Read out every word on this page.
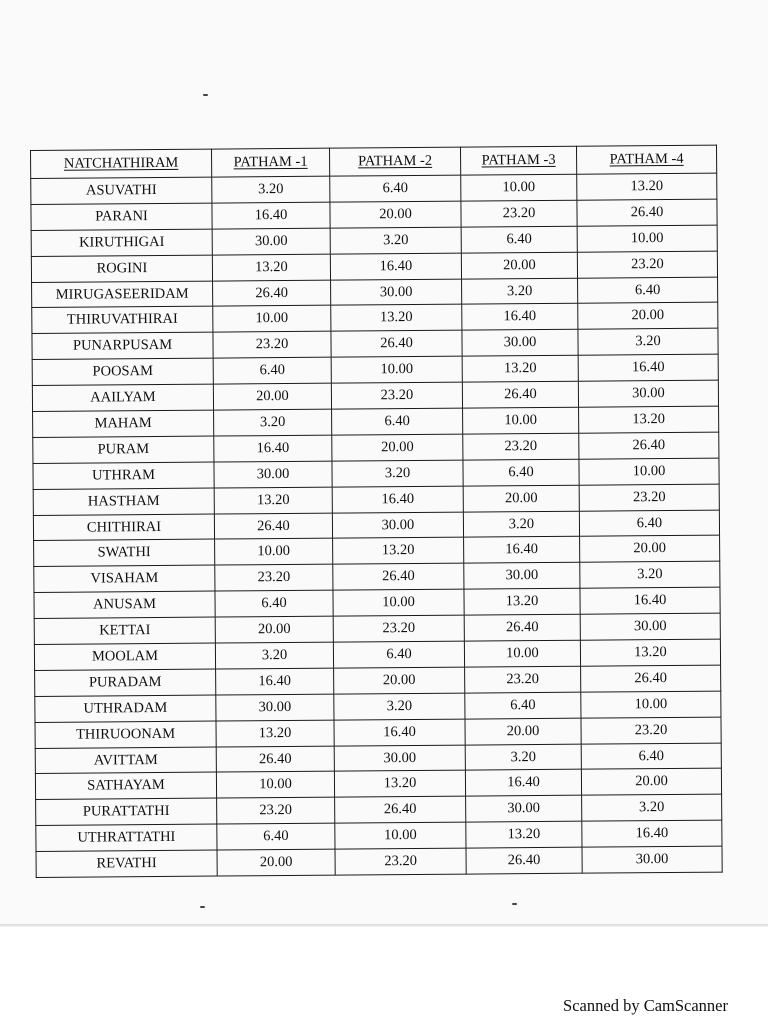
NATCHATHIRAM	PATHAM -1	PATHAM -2	PATHAM -3	PATHAM -4
ASUVATHI	3.20	6.40	10.00	13.20
PARANI	16.40	20.00	23.20	26.40
KIRUTHIGAI	30.00	3.20	6.40	10.00
ROGINI	13.20	16.40	20.00	23.20
MIRUGASEERIDAM	26.40	30.00	3.20	6.40
THIRUVATHIRAI	10.00	13.20	16.40	20.00
PUNARPUSAM	23.20	26.40	30.00	3.20
POOSAM	6.40	10.00	13.20	16.40
AAILYAM	20.00	23.20	26.40	30.00
MAHAM	3.20	6.40	10.00	13.20
PURAM	16.40	20.00	23.20	26.40
UTHRAM	30.00	3.20	6.40	10.00
HASTHAM	13.20	16.40	20.00	23.20
CHITHIRAI	26.40	30.00	3.20	6.40
SWATHI	10.00	13.20	16.40	20.00
VISAHAM	23.20	26.40	30.00	3.20
ANUSAM	6.40	10.00	13.20	16.40
KETTAI	20.00	23.20	26.40	30.00
MOOLAM	3.20	6.40	10.00	13.20
PURADAM	16.40	20.00	23.20	26.40
UTHRADAM	30.00	3.20	6.40	10.00
THIRUOONAM	13.20	16.40	20.00	23.20
AVITTAM	26.40	30.00	3.20	6.40
SATHAYAM	10.00	13.20	16.40	20.00
PURATTATHI	23.20	26.40	30.00	3.20
UTHRATTATHI	6.40	10.00	13.20	16.40
REVATHI	20.00	23.20	26.40	30.00
Scanned by CamScanner
